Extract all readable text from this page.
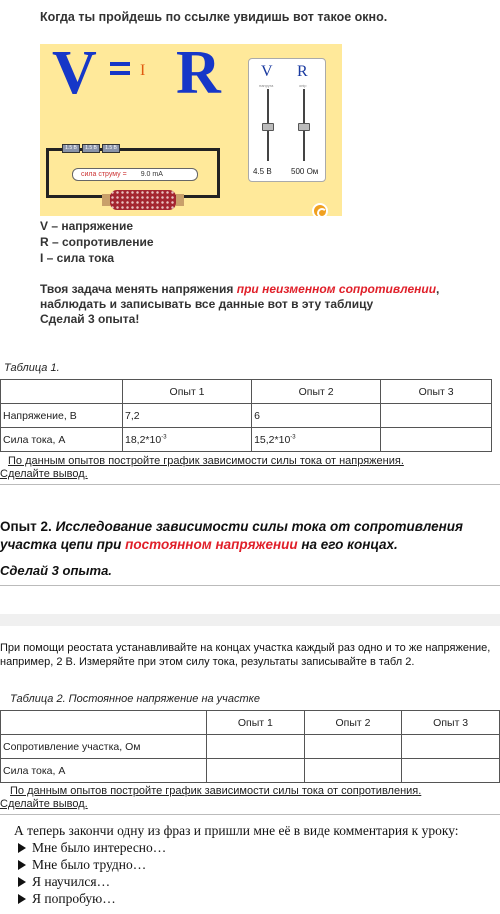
Когда ты пройдешь по ссылке увидишь вот такое окно.
V	I R	V R
напруга	опір
4.5 В 500 Ом
1.5 В	1.5 В	1.5 В
сила струму = 9.0 mA
V – напряжение
R – сопротивление
I – сила тока
Твоя задача менять напряжения при неизменном сопротивлении, наблюдать и записывать все данные вот в эту таблицу
Сделай 3 опыта!
Таблица 1.
	Опыт 1	Опыт 2	Опыт 3
Напряжение, В	7,2	6	
Сила тока, А	$18,2*10^{-3}$	$15,2*10^{-3}$	
По данным опытов постройте график зависимости силы тока от напряжения.
Сделайте вывод.
Опыт 2. Исследование зависимости силы тока от сопротивления участка цепи при постоянном напряжении на его концах.
Сделай 3 опыта.
При помощи реостата устанавливайте на концах участка каждый раз одно и то же напряжение, например, 2 В. Измеряйте при этом силу тока, результаты записывайте в табл 2.
Таблица 2. Постоянное напряжение на участке
	Опыт 1	Опыт 2	Опыт 3
Сопротивление участка, Ом			
Сила тока, А			
По данным опытов постройте график зависимости силы тока от сопротивления.
Сделайте вывод.
А теперь закончи одну из фраз и пришли мне её в виде комментария к уроку:
Мне было интересно…
Мне было трудно…
Я научился…
Я попробую…
